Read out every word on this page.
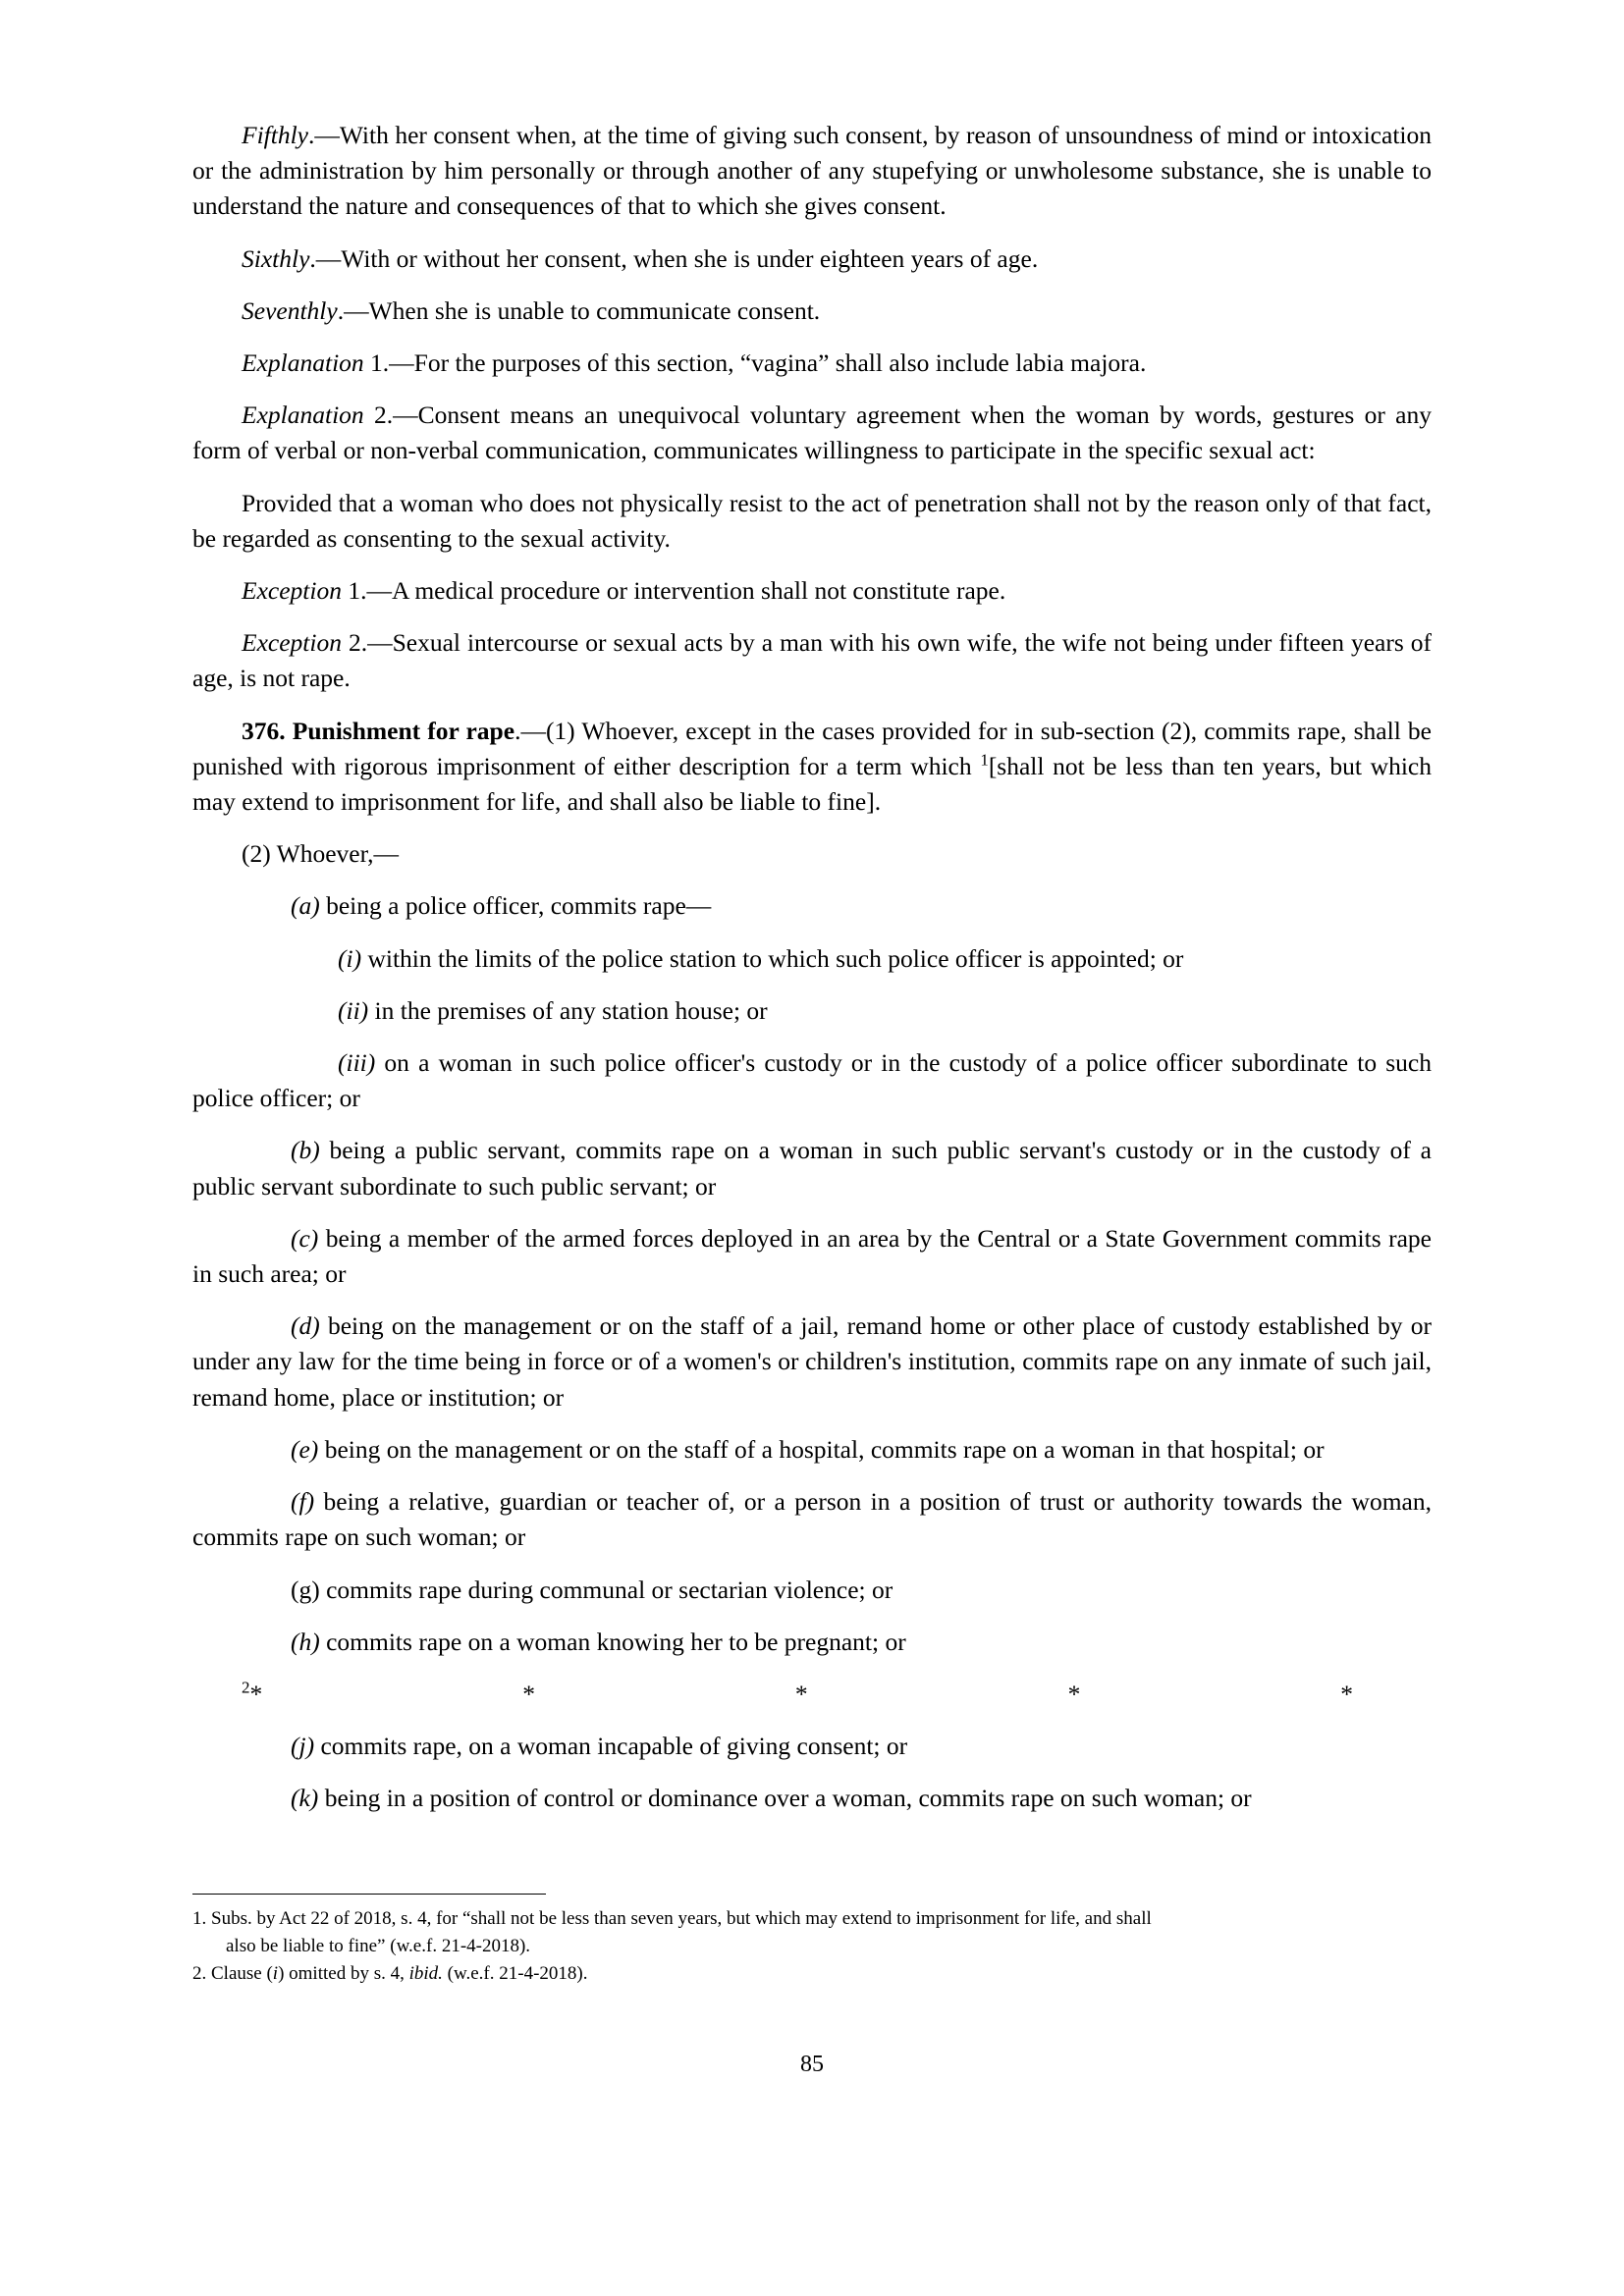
Fifthly.—With her consent when, at the time of giving such consent, by reason of unsoundness of mind or intoxication or the administration by him personally or through another of any stupefying or unwholesome substance, she is unable to understand the nature and consequences of that to which she gives consent.

Sixthly.—With or without her consent, when she is under eighteen years of age.

Seventhly.—When she is unable to communicate consent.

Explanation 1.—For the purposes of this section, “vagina” shall also include labia majora.

Explanation 2.—Consent means an unequivocal voluntary agreement when the woman by words, gestures or any form of verbal or non-verbal communication, communicates willingness to participate in the specific sexual act:

Provided that a woman who does not physically resist to the act of penetration shall not by the reason only of that fact, be regarded as consenting to the sexual activity.

Exception 1.—A medical procedure or intervention shall not constitute rape.

Exception 2.—Sexual intercourse or sexual acts by a man with his own wife, the wife not being under fifteen years of age, is not rape.

376. Punishment for rape.—(1) Whoever, except in the cases provided for in sub-section (2), commits rape, shall be punished with rigorous imprisonment of either description for a term which $^1$[shall not be less than ten years, but which may extend to imprisonment for life, and shall also be liable to fine].

(2) Whoever,—

(a) being a police officer, commits rape—

(i) within the limits of the police station to which such police officer is appointed; or

(ii) in the premises of any station house; or

(iii) on a woman in such police officer's custody or in the custody of a police officer subordinate to such police officer; or

(b) being a public servant, commits rape on a woman in such public servant's custody or in the custody of a public servant subordinate to such public servant; or

(c) being a member of the armed forces deployed in an area by the Central or a State Government commits rape in such area; or

(d) being on the management or on the staff of a jail, remand home or other place of custody established by or under any law for the time being in force or of a women's or children's institution, commits rape on any inmate of such jail, remand home, place or institution; or

(e) being on the management or on the staff of a hospital, commits rape on a woman in that hospital; or

(f) being a relative, guardian or teacher of, or a person in a position of trust or authority towards the woman, commits rape on such woman; or

(g) commits rape during communal or sectarian violence; or

(h) commits rape on a woman knowing her to be pregnant; or

$^2$*	*	*	*	*

(j) commits rape, on a woman incapable of giving consent; or

(k) being in a position of control or dominance over a woman, commits rape on such woman; or

1. Subs. by Act 22 of 2018, s. 4, for “shall not be less than seven years, but which may extend to imprisonment for life, and shall

also be liable to fine” (w.e.f. 21-4-2018).

2. Clause (i) omitted by s. 4, ibid. (w.e.f. 21-4-2018).

85
